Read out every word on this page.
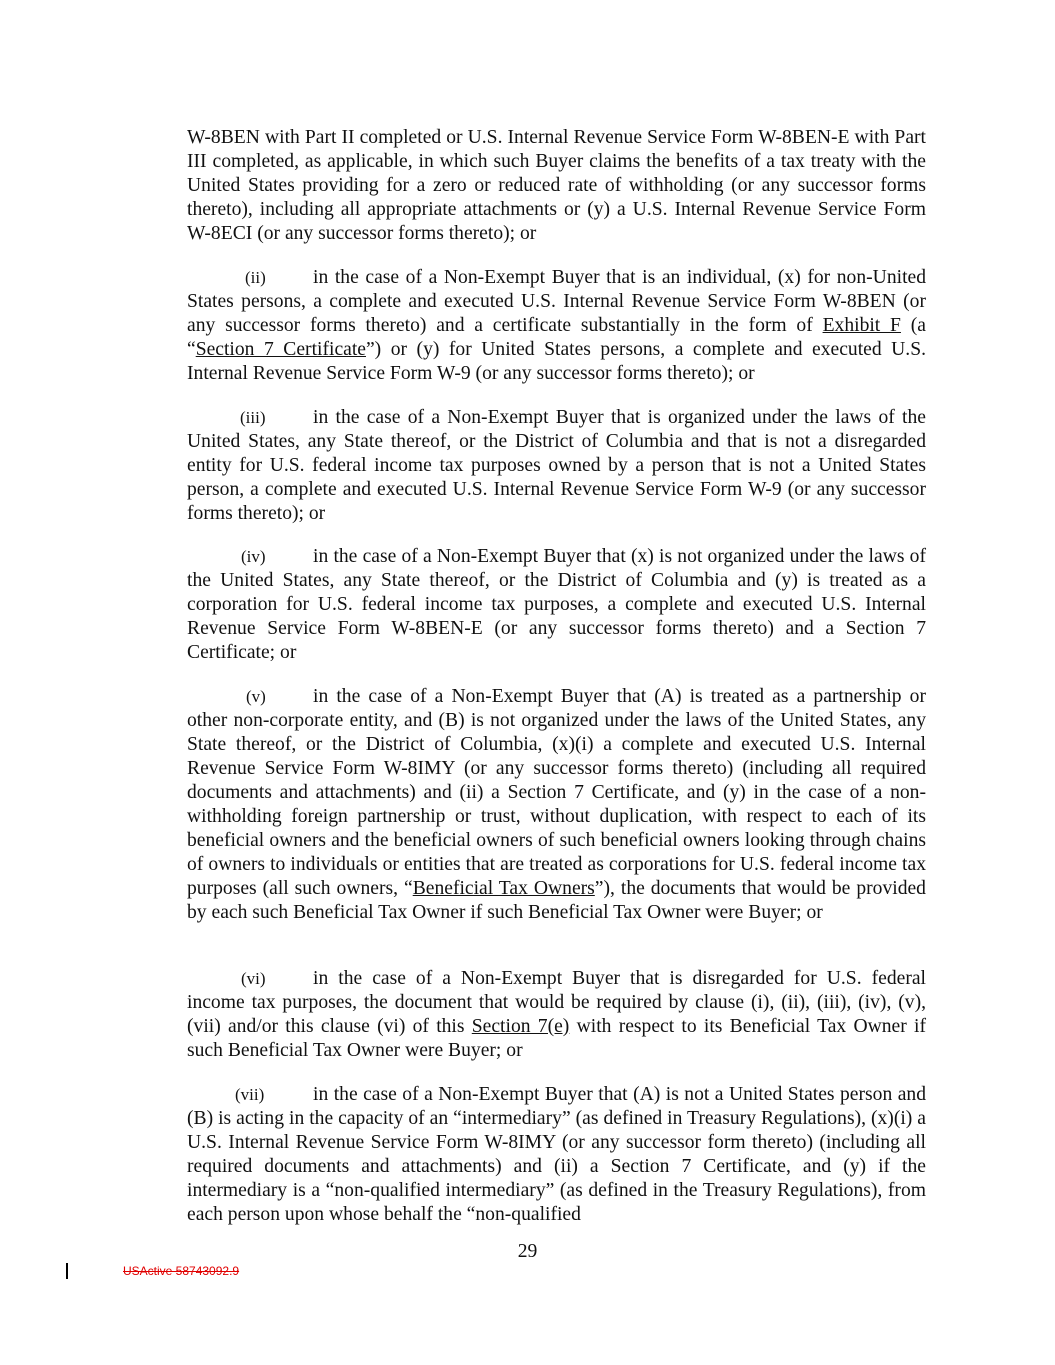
W-8BEN with Part II completed or U.S. Internal Revenue Service Form W-8BEN-E with Part III completed, as applicable, in which such Buyer claims the benefits of a tax treaty with the United States providing for a zero or reduced rate of withholding (or any successor forms thereto), including all appropriate attachments or (y) a U.S. Internal Revenue Service Form W-8ECI (or any successor forms thereto); or

(ii) in the case of a Non-Exempt Buyer that is an individual, (x) for non-United States persons, a complete and executed U.S. Internal Revenue Service Form W-8BEN (or any successor forms thereto) and a certificate substantially in the form of Exhibit F (a “Section 7 Certificate”) or (y) for United States persons, a complete and executed U.S. Internal Revenue Service Form W-9 (or any successor forms thereto); or

(iii) in the case of a Non-Exempt Buyer that is organized under the laws of the United States, any State thereof, or the District of Columbia and that is not a disregarded entity for U.S. federal income tax purposes owned by a person that is not a United States person, a complete and executed U.S. Internal Revenue Service Form W-9 (or any successor forms thereto); or

(iv) in the case of a Non-Exempt Buyer that (x) is not organized under the laws of the United States, any State thereof, or the District of Columbia and (y) is treated as a corporation for U.S. federal income tax purposes, a complete and executed U.S. Internal Revenue Service Form W-8BEN-E (or any successor forms thereto) and a Section 7 Certificate; or

(v) in the case of a Non-Exempt Buyer that (A) is treated as a partnership or other non-corporate entity, and (B) is not organized under the laws of the United States, any State thereof, or the District of Columbia, (x)(i) a complete and executed U.S. Internal Revenue Service Form W-8IMY (or any successor forms thereto) (including all required documents and attachments) and (ii) a Section 7 Certificate, and (y) in the case of a non-withholding foreign partnership or trust, without duplication, with respect to each of its beneficial owners and the beneficial owners of such beneficial owners looking through chains of owners to individuals or entities that are treated as corporations for U.S. federal income tax purposes (all such owners, “Beneficial Tax Owners”), the documents that would be provided by each such Beneficial Tax Owner if such Beneficial Tax Owner were Buyer; or

(vi) in the case of a Non-Exempt Buyer that is disregarded for U.S. federal income tax purposes, the document that would be required by clause (i), (ii), (iii), (iv), (v), (vii) and/or this clause (vi) of this Section 7(e) with respect to its Beneficial Tax Owner if such Beneficial Tax Owner were Buyer; or

(vii) in the case of a Non-Exempt Buyer that (A) is not a United States person and (B) is acting in the capacity of an “intermediary” (as defined in Treasury Regulations), (x)(i) a U.S. Internal Revenue Service Form W-8IMY (or any successor form thereto) (including all required documents and attachments) and (ii) a Section 7 Certificate, and (y) if the intermediary is a “non-qualified intermediary” (as defined in the Treasury Regulations), from each person upon whose behalf the “non-qualified

29
USActive 58743092.9
